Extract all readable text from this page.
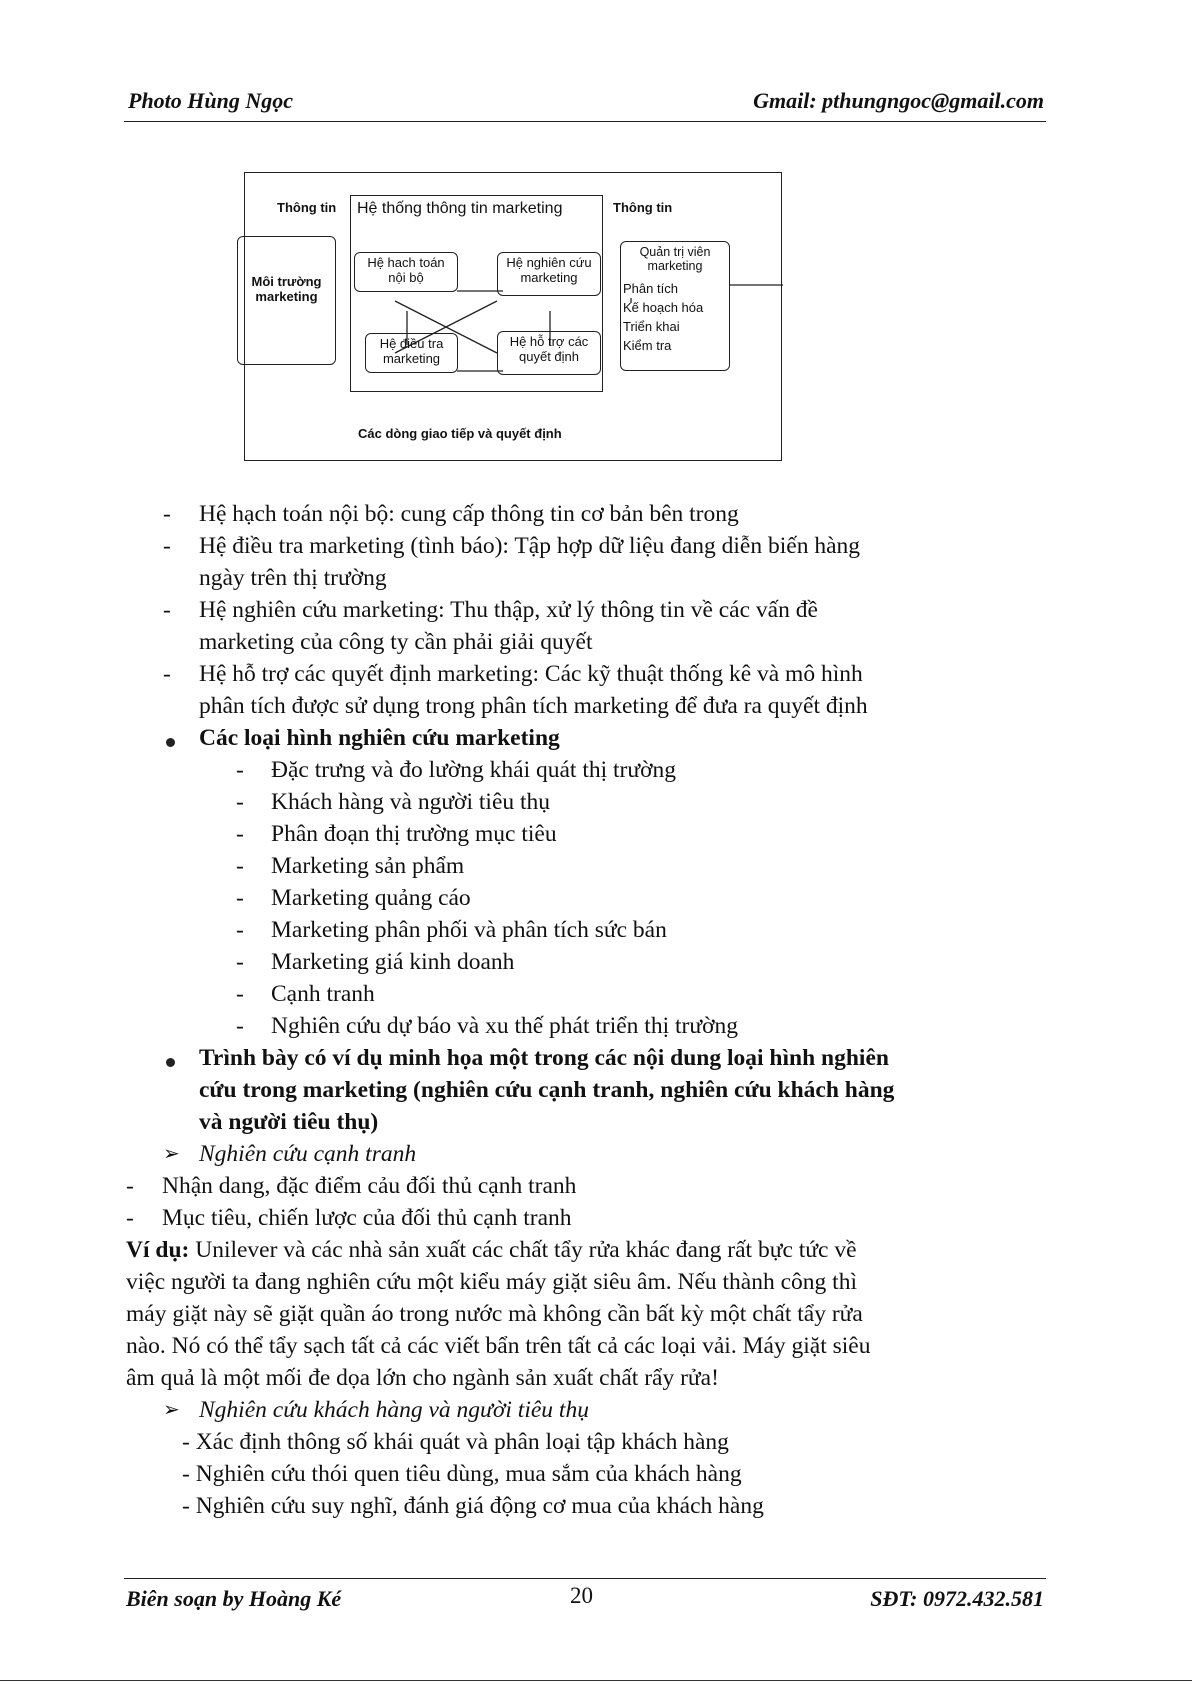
Photo Hùng Ngọc	Gmail: pthungngoc@gmail.com
Thông tin Hệ thống thông tin marketing	Thông tin
Môi trường marketing
Hệ hach toán nội bộ
Hệ nghiên cứu marketing
Hệ điều tra marketing
Hệ hỗ trợ các quyết định
Quản trị viên marketing
Phân tích
Kế hoạch hóa
Triển khai
Kiểm tra
Các dòng giao tiếp và quyết định
- Hệ hạch toán nội bộ: cung cấp thông tin cơ bản bên trong
- Hệ điều tra marketing (tình báo): Tập hợp dữ liệu đang diễn biến hàng
ngày trên thị trường
- Hệ nghiên cứu marketing: Thu thập, xử lý thông tin về các vấn đề
marketing của công ty cần phải giải quyết
- Hệ hỗ trợ các quyết định marketing: Các kỹ thuật thống kê và mô hình
phân tích được sử dụng trong phân tích marketing để đưa ra quyết định
Các loại hình nghiên cứu marketing
- Đặc trưng và đo lường khái quát thị trường
- Khách hàng và người tiêu thụ
- Phân đoạn thị trường mục tiêu
- Marketing sản phẩm
- Marketing quảng cáo
- Marketing phân phối và phân tích sức bán
- Marketing giá kinh doanh
- Cạnh tranh
- Nghiên cứu dự báo và xu thế phát triển thị trường
Trình bày có ví dụ minh họa một trong các nội dung loại hình nghiên
cứu trong marketing (nghiên cứu cạnh tranh, nghiên cứu khách hàng
và người tiêu thụ)
➢ Nghiên cứu cạnh tranh
- Nhận dang, đặc điểm cảu đối thủ cạnh tranh
- Mục tiêu, chiến lược của đối thủ cạnh tranh
Ví dụ: Unilever và các nhà sản xuất các chất tẩy rửa khác đang rất bực tức về
việc người ta đang nghiên cứu một kiểu máy giặt siêu âm. Nếu thành công thì
máy giặt này sẽ giặt quần áo trong nước mà không cần bất kỳ một chất tẩy rửa
nào. Nó có thể tẩy sạch tất cả các viết bẩn trên tất cả các loại vải. Máy giặt siêu
âm quả là một mối đe dọa lớn cho ngành sản xuất chất rẩy rửa!
➢ Nghiên cứu khách hàng và người tiêu thụ
- Xác định thông số khái quát và phân loại tập khách hàng
- Nghiên cứu thói quen tiêu dùng, mua sắm của khách hàng
- Nghiên cứu suy nghĩ, đánh giá động cơ mua của khách hàng
Biên soạn by Hoàng Ké	20	SĐT: 0972.432.581
